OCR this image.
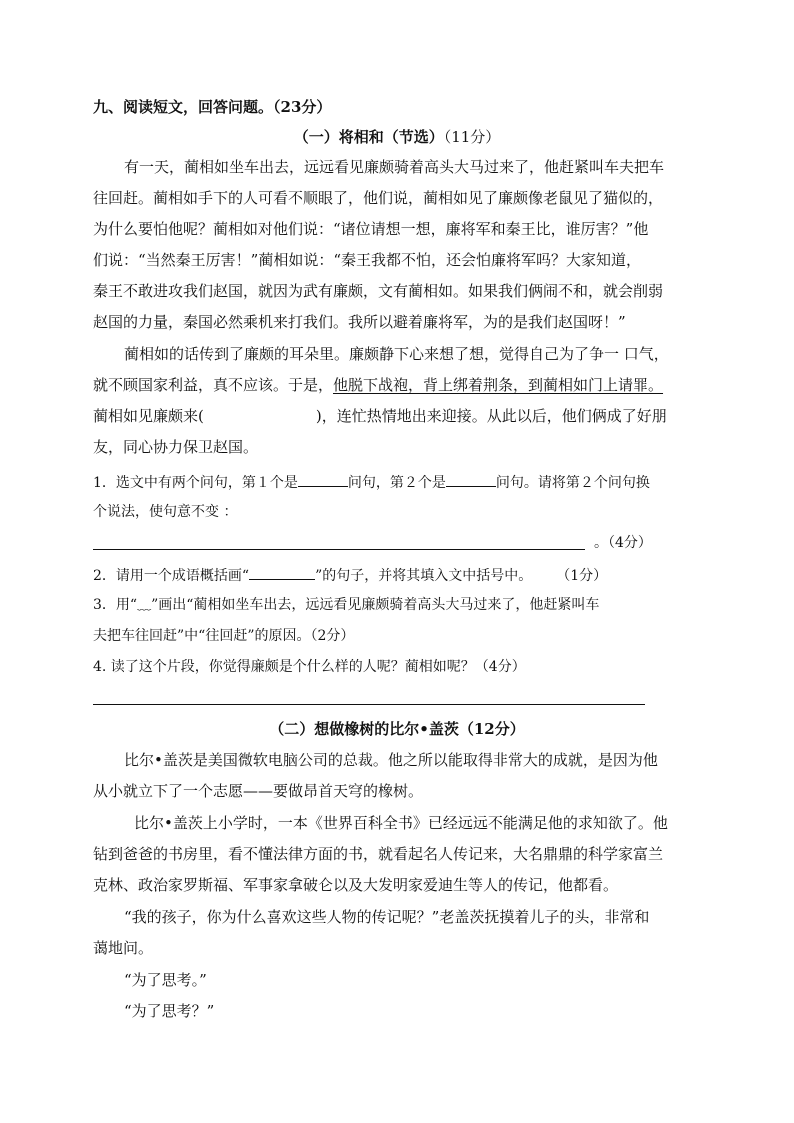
九、阅读短文，回答问题。（23分）
（一）将相和（节选）（11分）
有一天，蔺相如坐车出去，远远看见廉颇骑着高头大马过来了，他赶紧叫车夫把车
往回赶。蔺相如手下的人可看不顺眼了，他们说，蔺相如见了廉颇像老鼠见了猫似的，
为什么要怕他呢？蔺相如对他们说：“诸位请想一想，廉将军和秦王比，谁厉害？”他
们说：“当然秦王厉害！”蔺相如说：“秦王我都不怕，还会怕廉将军吗？大家知道，
秦王不敢进攻我们赵国，就因为武有廉颇，文有蔺相如。如果我们俩闹不和，就会削弱
赵国的力量，秦国必然乘机来打我们。我所以避着廉将军，为的是我们赵国呀！”
蔺相如的话传到了廉颇的耳朵里。廉颇静下心来想了想，觉得自己为了争一 口气，
就不顾国家利益，真不应该。于是，他脱下战袍，背上绑着荆条，到蔺相如门上请罪。
蔺相如见廉颇来(	)，连忙热情地出来迎接。从此以后，他们俩成了好朋
友，同心协力保卫赵国。
1．选文中有两个问句，第１个是	问句，第２个是	问句。请将第２个问句换
个说法，使句意不变 ：
。（4分）
2．请用一个成语概括画“	”的句子，并将其填入文中括号中。 （1分）
3．用“﹏”画出“蔺相如坐车出去，远远看见廉颇骑着高头大马过来了，他赶紧叫车
夫把车往回赶”中“往回赶”的原因。（2分）
4. 读了这个片段，你觉得廉颇是个什么样的人呢？蔺相如呢？（4分）
（二）想做橡树的比尔•盖茨（12分）
比尔•盖茨是美国微软电脑公司的总裁。他之所以能取得非常大的成就，是因为他
从小就立下了一个志愿——要做昂首天穹的橡树。
比尔•盖茨上小学时，一本《世界百科全书》已经远远不能满足他的求知欲了。他
钻到爸爸的书房里，看不懂法律方面的书，就看起名人传记来，大名鼎鼎的科学家富兰
克林、政治家罗斯福、军事家拿破仑以及大发明家爱迪生等人的传记，他都看。
“我的孩子，你为什么喜欢这些人物的传记呢？”老盖茨抚摸着儿子的头，非常和
蔼地问。
“为了思考。”
“为了思考？”
